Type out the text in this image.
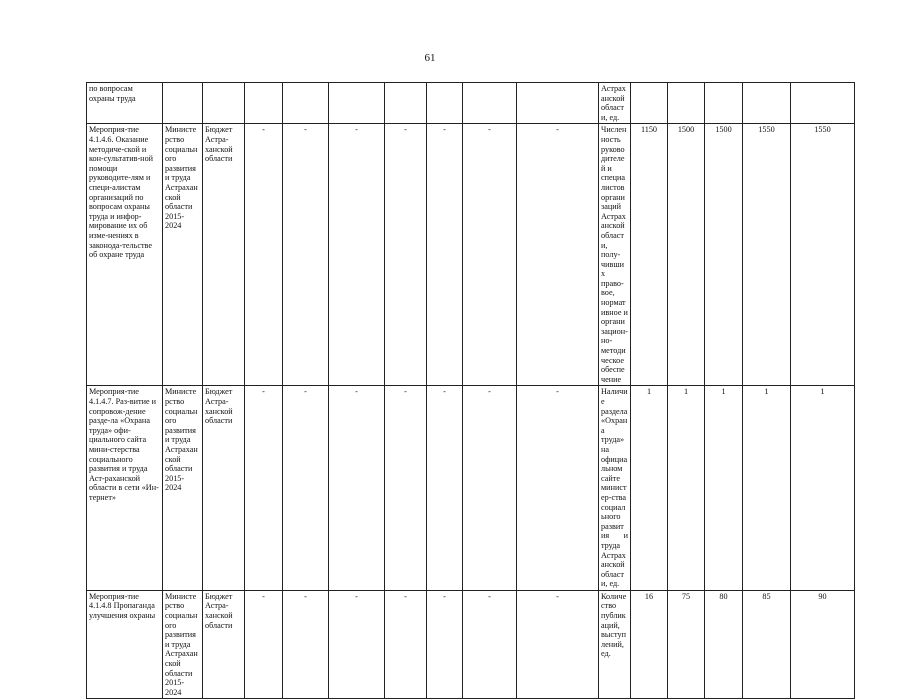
61
по вопросам охраны труда										Астраханской области, ед.						
Мероприя-тие 4.1.4.6. Оказание методиче-ской и кон-сультатив-ной помощи руководите-лям и специ-алистам организаций по вопросам охраны труда и инфор-мирование их об изме-нениях в законода-тельстве об охране труда	Министерство социального развития и труда Астраханской области 2015-2024	Бюджет Астра-ханской области	-	-	-	-	-	-	-	Численность руководителей и специалистов организаций Астраханской области, полу-чивших право-вое, нормативное и организацион-но-методическое обеспечение	1150	1500	1500	1550	1550	
Мероприя-тие 4.1.4.7. Раз-витие и сопровож-дение разде-ла «Охрана труда» офи-циального сайта мини-стерства социального развития и труда Аст-раханской области в сети «Ин-тернет»	Министерство социального развития и труда Астраханской области 2015-2024	Бюджет Астра-ханской области	-	-	-	-	-	-	-	Наличие раздела «Охрана труда» на официальном сайте министер-ства социального развития и труда Астраханской области, ед.	1	1	1	1	1	
Мероприя-тие 4.1.4.8 Пропаганда улучшения охраны	Министерство социального развития и труда Астраханской области 2015-2024	Бюджет Астра-ханской области	-	-	-	-	-	-	-	Количество публикаций, выступлений, ед.	16	75	80	85	90	
